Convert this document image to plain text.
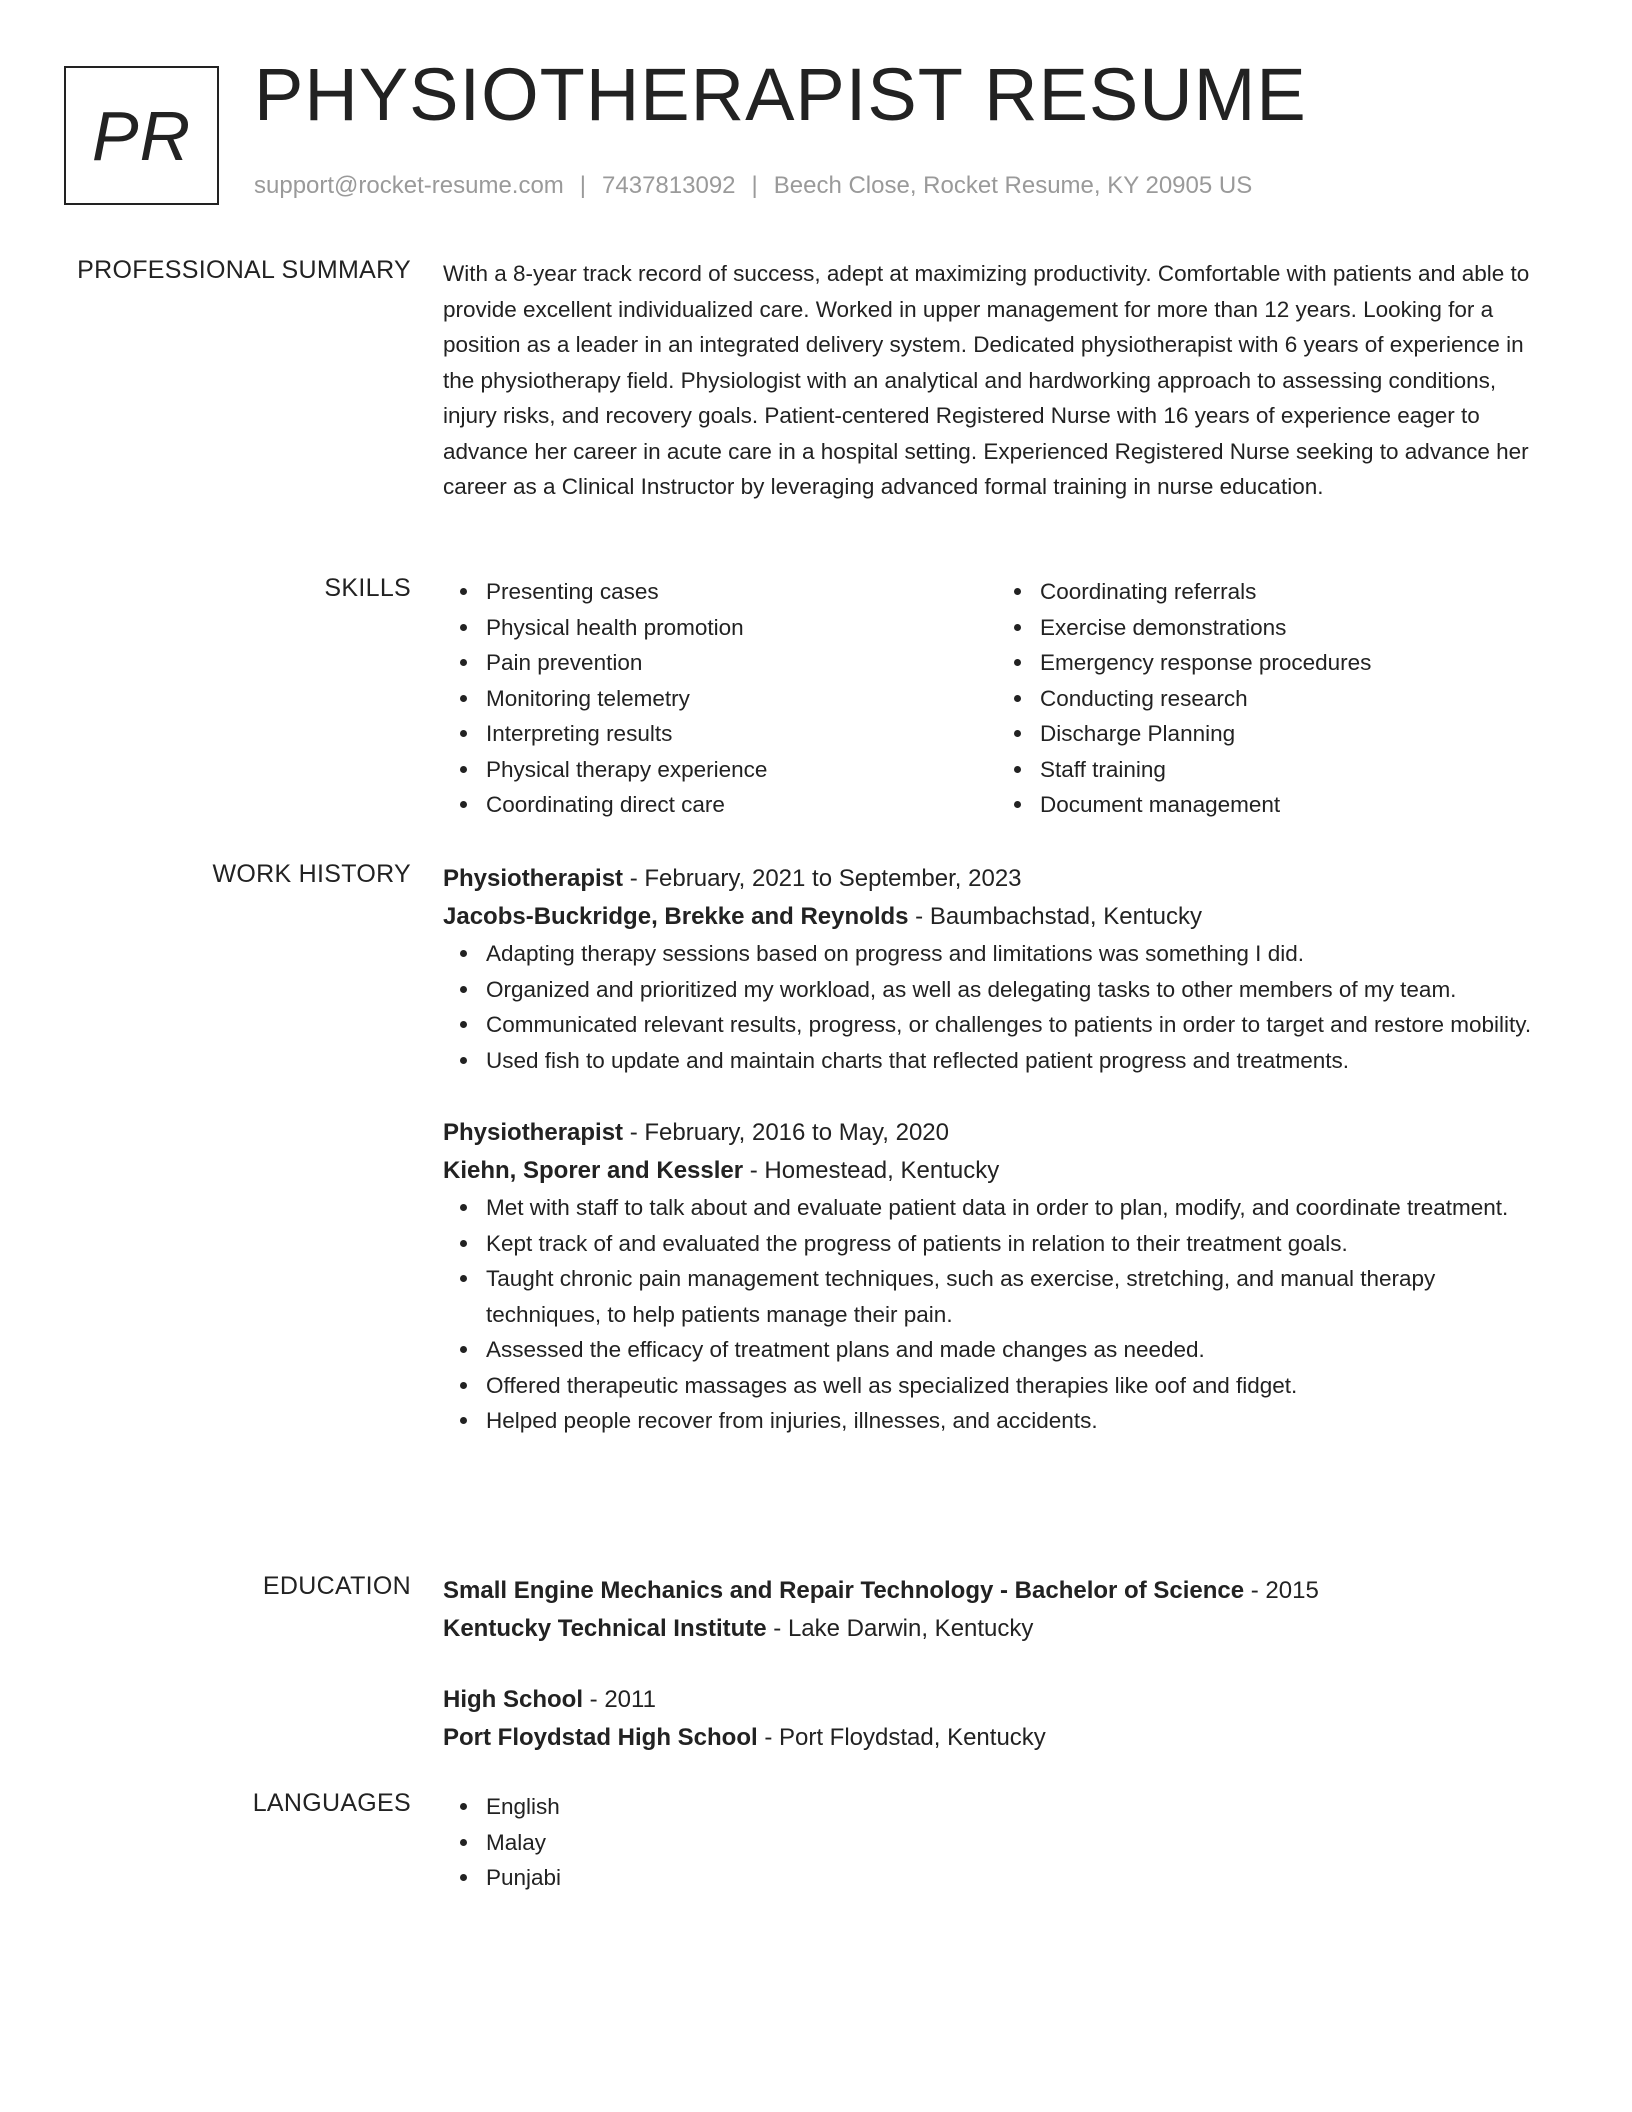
PR PHYSIOTHERAPIST RESUME
support@rocket-resume.com | 7437813092 | Beech Close, Rocket Resume, KY 20905 US
PROFESSIONAL SUMMARY With a 8-year track record of success, adept at maximizing productivity. Comfortable with patients and able to provide excellent individualized care. Worked in upper management for more than 12 years. Looking for a position as a leader in an integrated delivery system. Dedicated physiotherapist with 6 years of experience in the physiotherapy field. Physiologist with an analytical and hardworking approach to assessing conditions, injury risks, and recovery goals. Patient-centered Registered Nurse with 16 years of experience eager to advance her career in acute care in a hospital setting. Experienced Registered Nurse seeking to advance her career as a Clinical Instructor by leveraging advanced formal training in nurse education.
SKILLS	Presenting cases
Physical health promotion
Pain prevention
Monitoring telemetry
Interpreting results
Physical therapy experience
Coordinating direct care
Coordinating referrals
Exercise demonstrations
Emergency response procedures
Conducting research
Discharge Planning
Staff training
Document management
WORK HISTORY Physiotherapist - February, 2021 to September, 2023
Jacobs-Buckridge, Brekke and Reynolds - Baumbachstad, Kentucky
Adapting therapy sessions based on progress and limitations was something I did.
Organized and prioritized my workload, as well as delegating tasks to other members of my team.
Communicated relevant results, progress, or challenges to patients in order to target and restore mobility.
Used fish to update and maintain charts that reflected patient progress and treatments.
Physiotherapist - February, 2016 to May, 2020
Kiehn, Sporer and Kessler - Homestead, Kentucky
Met with staff to talk about and evaluate patient data in order to plan, modify, and coordinate treatment.
Kept track of and evaluated the progress of patients in relation to their treatment goals.
Taught chronic pain management techniques, such as exercise, stretching, and manual therapy techniques, to help patients manage their pain.
Assessed the efficacy of treatment plans and made changes as needed.
Offered therapeutic massages as well as specialized therapies like oof and fidget.
Helped people recover from injuries, illnesses, and accidents.
EDUCATION Small Engine Mechanics and Repair Technology - Bachelor of Science - 2015
Kentucky Technical Institute - Lake Darwin, Kentucky
High School - 2011
Port Floydstad High School - Port Floydstad, Kentucky
LANGUAGES	English
Malay
Punjabi
